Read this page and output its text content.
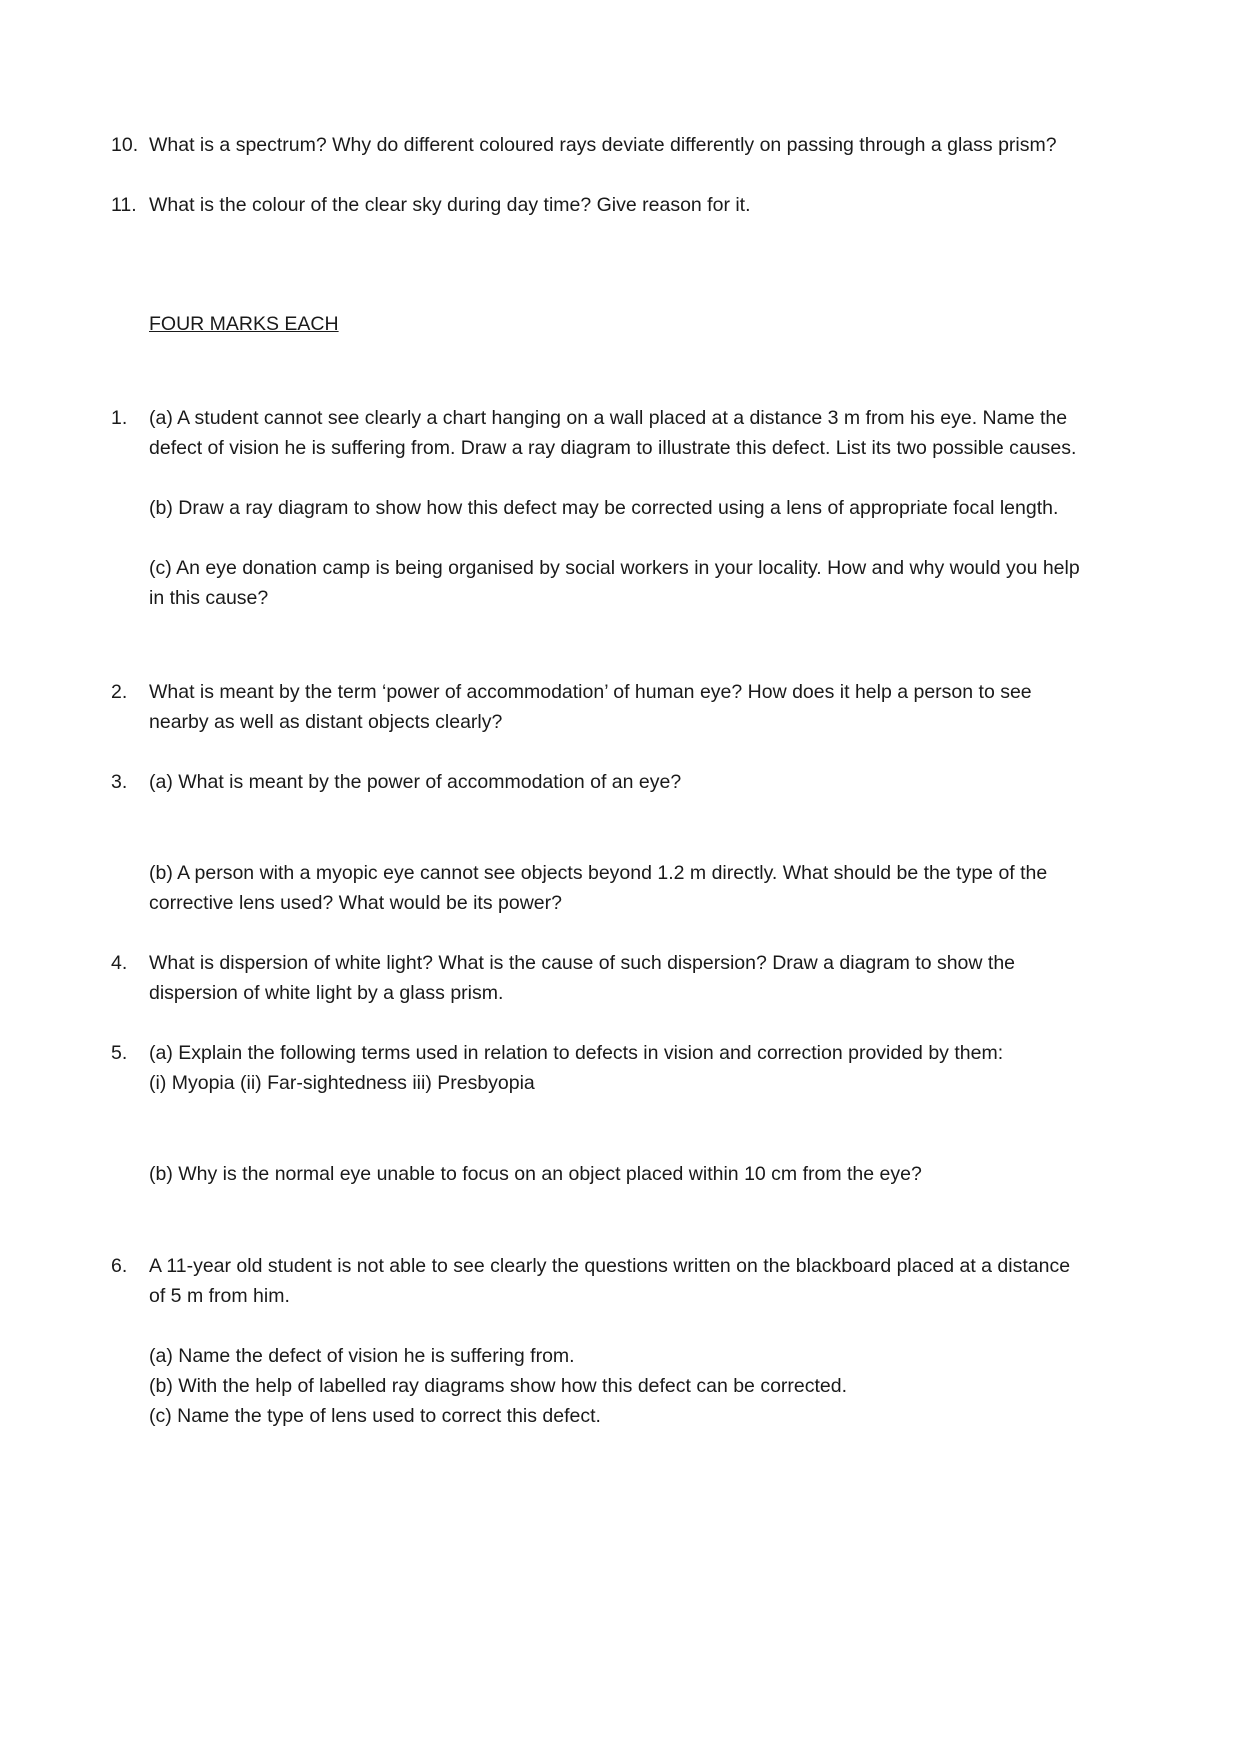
10. What is a spectrum? Why do different coloured rays deviate differently on passing through a glass prism?
11. What is the colour of the clear sky during day time? Give reason for it.
FOUR MARKS EACH
1.	(a) A student cannot see clearly a chart hanging on a wall placed at a distance 3 m from his eye. Name the
defect of vision he is suffering from. Draw a ray diagram to illustrate this defect. List its two possible causes.
(b) Draw a ray diagram to show how this defect may be corrected using a lens of appropriate focal length.
(c) An eye donation camp is being organised by social workers in your locality. How and why would you help
in this cause?
2.	What is meant by the term ‘power of accommodation’ of human eye? How does it help a person to see
nearby as well as distant objects clearly?
3.	(a) What is meant by the power of accommodation of an eye?
(b) A person with a myopic eye cannot see objects beyond 1.2 m directly. What should be the type of the
corrective lens used? What would be its power?
4.	What is dispersion of white light? What is the cause of such dispersion? Draw a diagram to show the
dispersion of white light by a glass prism.
5.	(a) Explain the following terms used in relation to defects in vision and correction provided by them:
(i) Myopia (ii) Far-sightedness iii) Presbyopia
(b) Why is the normal eye unable to focus on an object placed within 10 cm from the eye?
6.	A 11-year old student is not able to see clearly the questions written on the blackboard placed at a distance
of 5 m from him.
(a) Name the defect of vision he is suffering from.
(b) With the help of labelled ray diagrams show how this defect can be corrected.
(c) Name the type of lens used to correct this defect.
